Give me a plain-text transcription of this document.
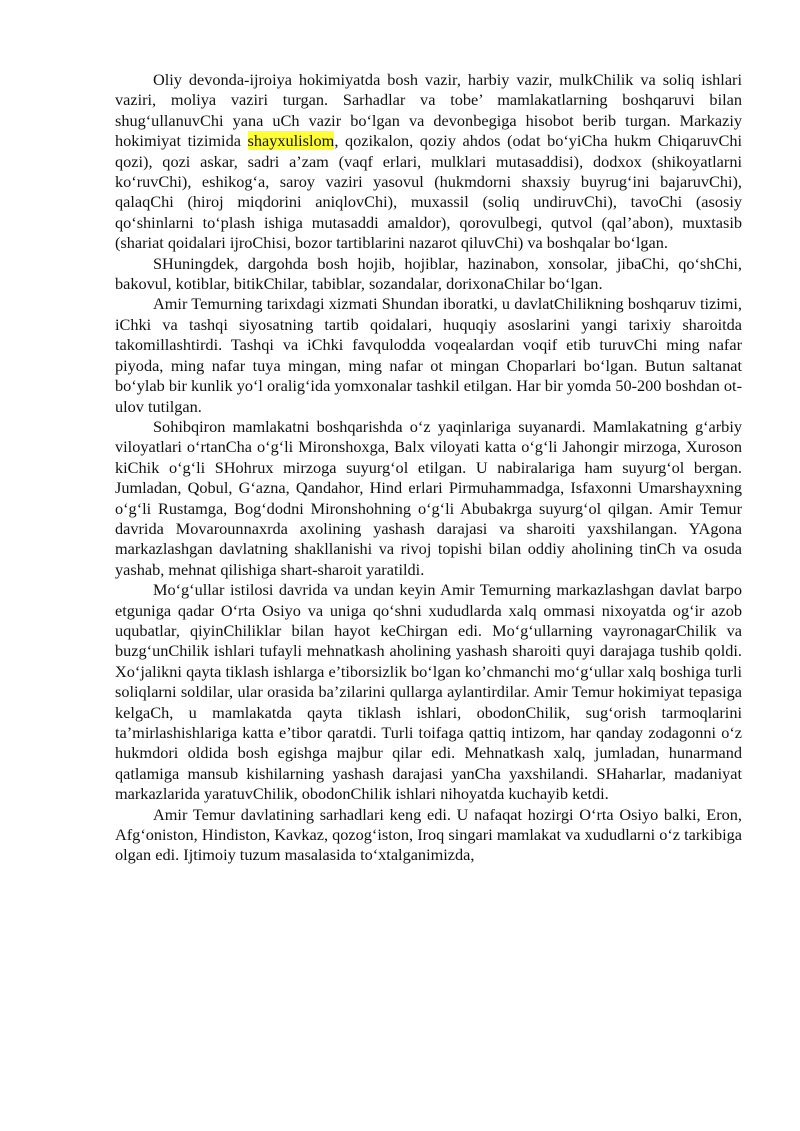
Oliy devonda-ijroiya hokimiyatda bosh vazir, harbiy vazir, mulkChilik va soliq ishlari vaziri, moliya vaziri turgan. Sarhadlar va tobe’ mamlakatlarning boshqaruvi bilan shug‘ullanuvChi yana uCh vazir bo‘lgan va devonbegiga hisobot berib turgan. Markaziy hokimiyat tizimida shayxulislom, qozikalon, qoziy ahdos (odat bo‘yiCha hukm ChiqaruvChi qozi), qozi askar, sadri a’zam (vaqf erlari, mulklari mutasaddisi), dodxox (shikoyatlarni ko‘ruvChi), eshikog‘a, saroy vaziri yasovul (hukmdorni shaxsiy buyrug‘ini bajaruvChi), qalaqChi (hiroj miqdorini aniqlovChi), muxassil (soliq undiruvChi), tavoChi (asosiy qo‘shinlarni to‘plash ishiga mutasaddi amaldor), qorovulbegi, qutvol (qal’abon), muxtasib (shariat qoidalari ijroChisi, bozor tartiblarini nazarot qiluvChi) va boshqalar bo‘lgan.

SHuningdek, dargohda bosh hojib, hojiblar, hazinabon, xonsolar, jibaChi, qo‘shChi, bakovul, kotiblar, bitikChilar, tabiblar, sozandalar, dorixonaChilar bo‘lgan.

Amir Temurning tarixdagi xizmati Shundan iboratki, u davlatChilikning boshqaruv tizimi, iChki va tashqi siyosatning tartib qoidalari, huquqiy asoslarini yangi tarixiy sharoitda takomillashtirdi. Tashqi va iChki favqulodda voqealardan voqif etib turuvChi ming nafar piyoda, ming nafar tuya mingan, ming nafar ot mingan Choparlari bo‘lgan. Butun saltanat bo‘ylab bir kunlik yo‘l oralig‘ida yomxonalar tashkil etilgan. Har bir yomda 50-200 boshdan ot-ulov tutilgan.

Sohibqiron mamlakatni boshqarishda o‘z yaqinlariga suyanardi. Mamlakatning g‘arbiy viloyatlari o‘rtanCha o‘g‘li Mironshoxga, Balx viloyati katta o‘g‘li Jahongir mirzoga, Xuroson kiChik o‘g‘li SHohrux mirzoga suyurg‘ol etilgan. U nabiralariga ham suyurg‘ol bergan. Jumladan, Qobul, G‘azna, Qandahor, Hind erlari Pirmuhammadga, Isfaxonni Umarshayxning o‘g‘li Rustamga, Bog‘dodni Mironshohning o‘g‘li Abubakrga suyurg‘ol qilgan. Amir Temur davrida Movarounnaxrda axolining yashash darajasi va sharoiti yaxshilangan. YAgona markazlashgan davlatning shakllanishi va rivoj topishi bilan oddiy aholining tinCh va osuda yashab, mehnat qilishiga shart-sharoit yaratildi.

Mo‘g‘ullar istilosi davrida va undan keyin Amir Temurning markazlashgan davlat barpo etguniga qadar O‘rta Osiyo va uniga qo‘shni xududlarda xalq ommasi nixoyatda og‘ir azob uqubatlar, qiyinChiliklar bilan hayot keChirgan edi. Mo‘g‘ullarning vayronagarChilik va buzg‘unChilik ishlari tufayli mehnatkash aholining yashash sharoiti quyi darajaga tushib qoldi. Xo‘jalikni qayta tiklash ishlarga e’tiborsizlik bo‘lgan ko’chmanchi mo‘g‘ullar xalq boshiga turli soliqlarni soldilar, ular orasida ba’zilarini qullarga aylantirdilar. Amir Temur hokimiyat tepasiga kelgaCh, u mamlakatda qayta tiklash ishlari, obodonChilik, sug‘orish tarmoqlarini ta’mirlashishlariga katta e’tibor qaratdi. Turli toifaga qattiq intizom, har qanday zodagonni o‘z hukmdori oldida bosh egishga majbur qilar edi. Mehnatkash xalq, jumladan, hunarmand qatlamiga mansub kishilarning yashash darajasi yanCha yaxshilandi. SHaharlar, madaniyat markazlarida yaratuvChilik, obodonChilik ishlari nihoyatda kuchayib ketdi.

Amir Temur davlatining sarhadlari keng edi. U nafaqat hozirgi O‘rta Osiyo balki, Eron, Afg‘oniston, Hindiston, Kavkaz, qozog‘iston, Iroq singari mamlakat va xududlarni o‘z tarkibiga olgan edi. Ijtimoiy tuzum masalasida to‘xtalganimizda,
